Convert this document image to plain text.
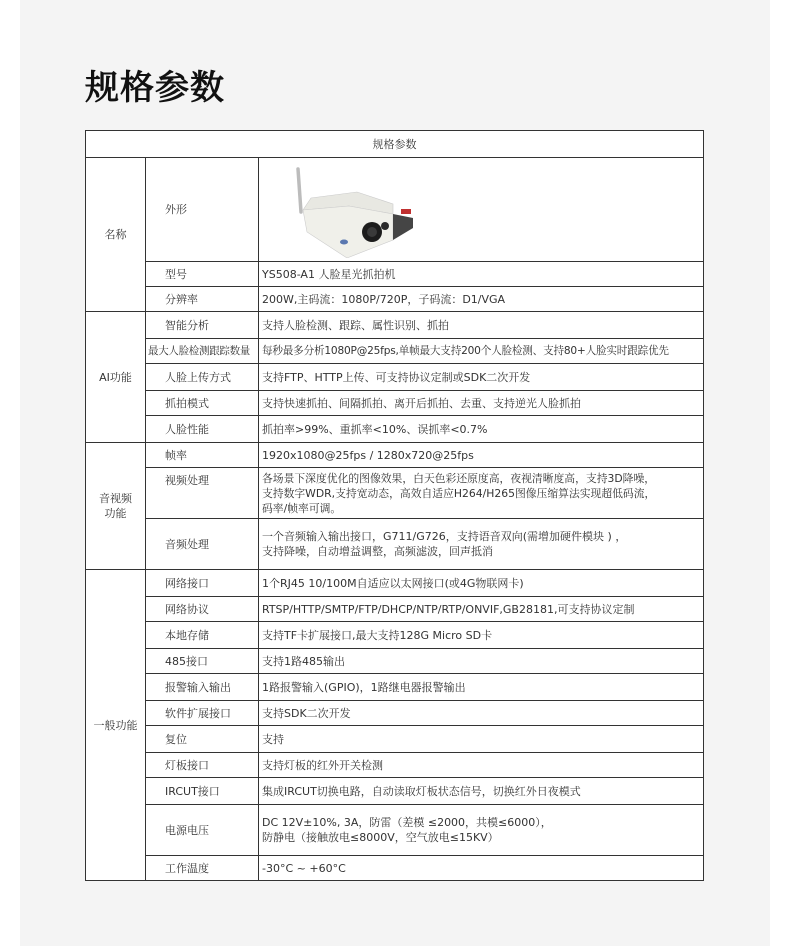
规格参数
规格参数		
名称	外形	

	型号	YS508-A1 人脸星光抓拍机
	分辨率	200W,主码流：1080P/720P，子码流：D1/VGA
AI功能	智能分析	支持人脸检测、跟踪、属性识别、抓拍
	最大人脸检测跟踪数量	每秒最多分析1080P@25fps,单帧最大支持200个人脸检测、支持80+人脸实时跟踪优先
	人脸上传方式	支持FTP、HTTP上传、可支持协议定制或SDK二次开发
	抓拍模式	支持快速抓拍、间隔抓拍、离开后抓拍、去重、支持逆光人脸抓拍
	人脸性能	抓拍率>99%、重抓率<10%、误抓率<0.7%

音视频
功能	帧率	1920x1080@25fps / 1280x720@25fps
	视频处理	各场景下深度优化的图像效果，白天色彩还原度高，夜视清晰度高，支持3D降噪，
支持数字WDR,支持宽动态，高效自适应H264/H265图像压缩算法实现超低码流，
码率/帧率可调。

	音频处理	一个音频输入输出接口，G711/G726，支持语音双向(需增加硬件模块 ) ，
支持降噪，自动增益调整，高频滤波，回声抵消

一般功能	网络接口	1个RJ45 10/100M自适应以太网接口(或4G物联网卡)
	网络协议	RTSP/HTTP/SMTP/FTP/DHCP/NTP/RTP/ONVIF,GB28181,可支持协议定制
	本地存储	支持TF卡扩展接口,最大支持128G Micro SD卡
	485接口	支持1路485输出
	报警输入输出	1路报警输入(GPIO)，1路继电器报警输出
	软件扩展接口	支持SDK二次开发
	复位	支持
	灯板接口	支持灯板的红外开关检测
	IRCUT接口	集成IRCUT切换电路，自动读取灯板状态信号，切换红外日夜模式
	电源电压	DC 12V±10%, 3A，防雷（差模 ≤2000，共模≤6000），
防静电（接触放电≤8000V，空气放电≤15KV）

	工作温度	-30°C ~ +60°C
